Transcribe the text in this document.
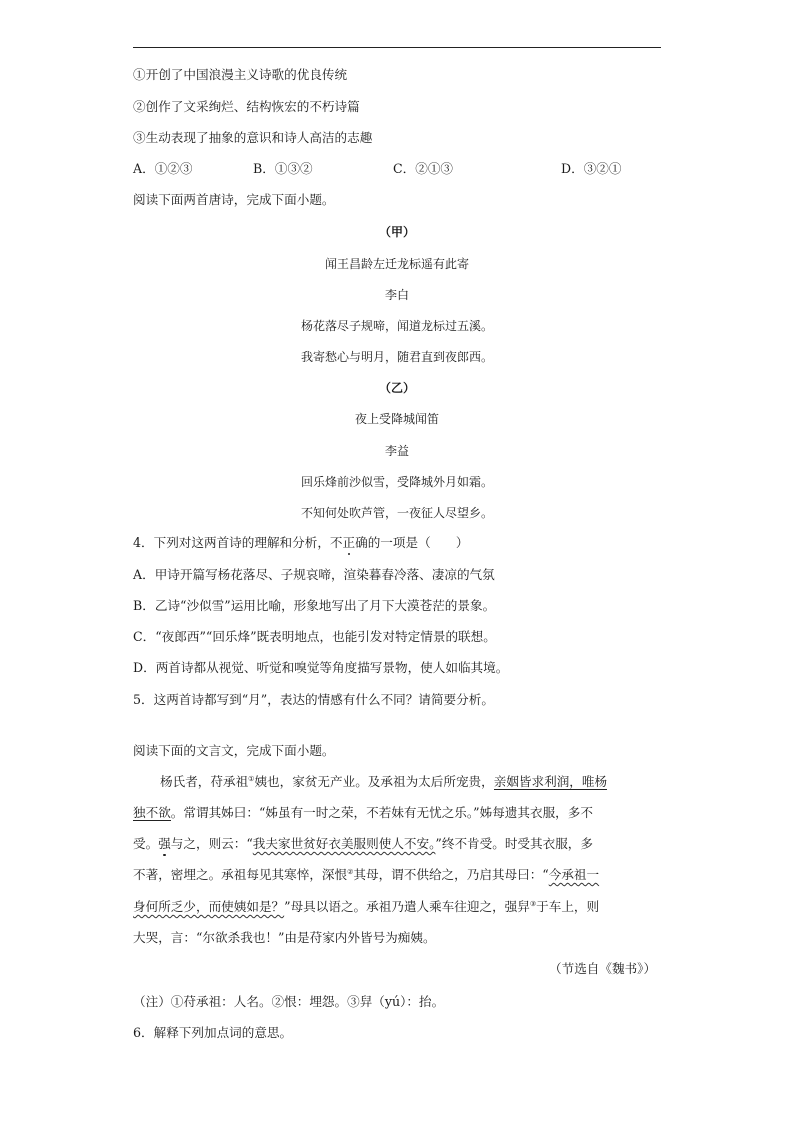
①开创了中国浪漫主义诗歌的优良传统
②创作了文采绚烂、结构恢宏的不朽诗篇
③生动表现了抽象的意识和诗人高洁的志趣
A．①②③	B．①③②	C．②①③	D．③②①
阅读下面两首唐诗，完成下面小题。
（甲）
闻王昌龄左迁龙标遥有此寄
李白
杨花落尽子规啼，闻道龙标过五溪。
我寄愁心与明月，随君直到夜郎西。
（乙）
夜上受降城闻笛
李益
回乐烽前沙似雪，受降城外月如霜。
不知何处吹芦管，一夜征人尽望乡。
4．下列对这两首诗的理解和分析，不正确的一项是（　　）
A．甲诗开篇写杨花落尽、子规哀啼，渲染暮春冷落、凄凉的气氛
B．乙诗“沙似雪”运用比喻，形象地写出了月下大漠苍茫的景象。
C．“夜郎西”“回乐烽”既表明地点，也能引发对特定情景的联想。
D．两首诗都从视觉、听觉和嗅觉等角度描写景物，使人如临其境。
5．这两首诗都写到“月”，表达的情感有什么不同？请简要分析。
阅读下面的文言文，完成下面小题。
杨氏者，苻承祖①姨也，家贫无产业。及承祖为太后所宠贵，亲姻皆求利润，唯杨
独不欲。常谓其姊曰：“姊虽有一时之荣，不若妹有无忧之乐。”姊每遗其衣服，多不
受。强与之，则云：“我夫家世贫好衣美服则使人不安。”终不肯受。时受其衣服，多
不著，密埋之。承祖每见其寒悴，深恨②其母，谓不供给之，乃启其母曰：“今承祖一
身何所乏少，而使姨如是？”母具以语之。承祖乃遣人乘车往迎之，强舁③于车上，则
大哭，言：“尔欲杀我也！”由是苻家内外皆号为痴姨。
（节选自《魏书》）
（注）①苻承祖：人名。②恨：埋怨。③舁（yú）：抬。
6．解释下列加点词的意思。
